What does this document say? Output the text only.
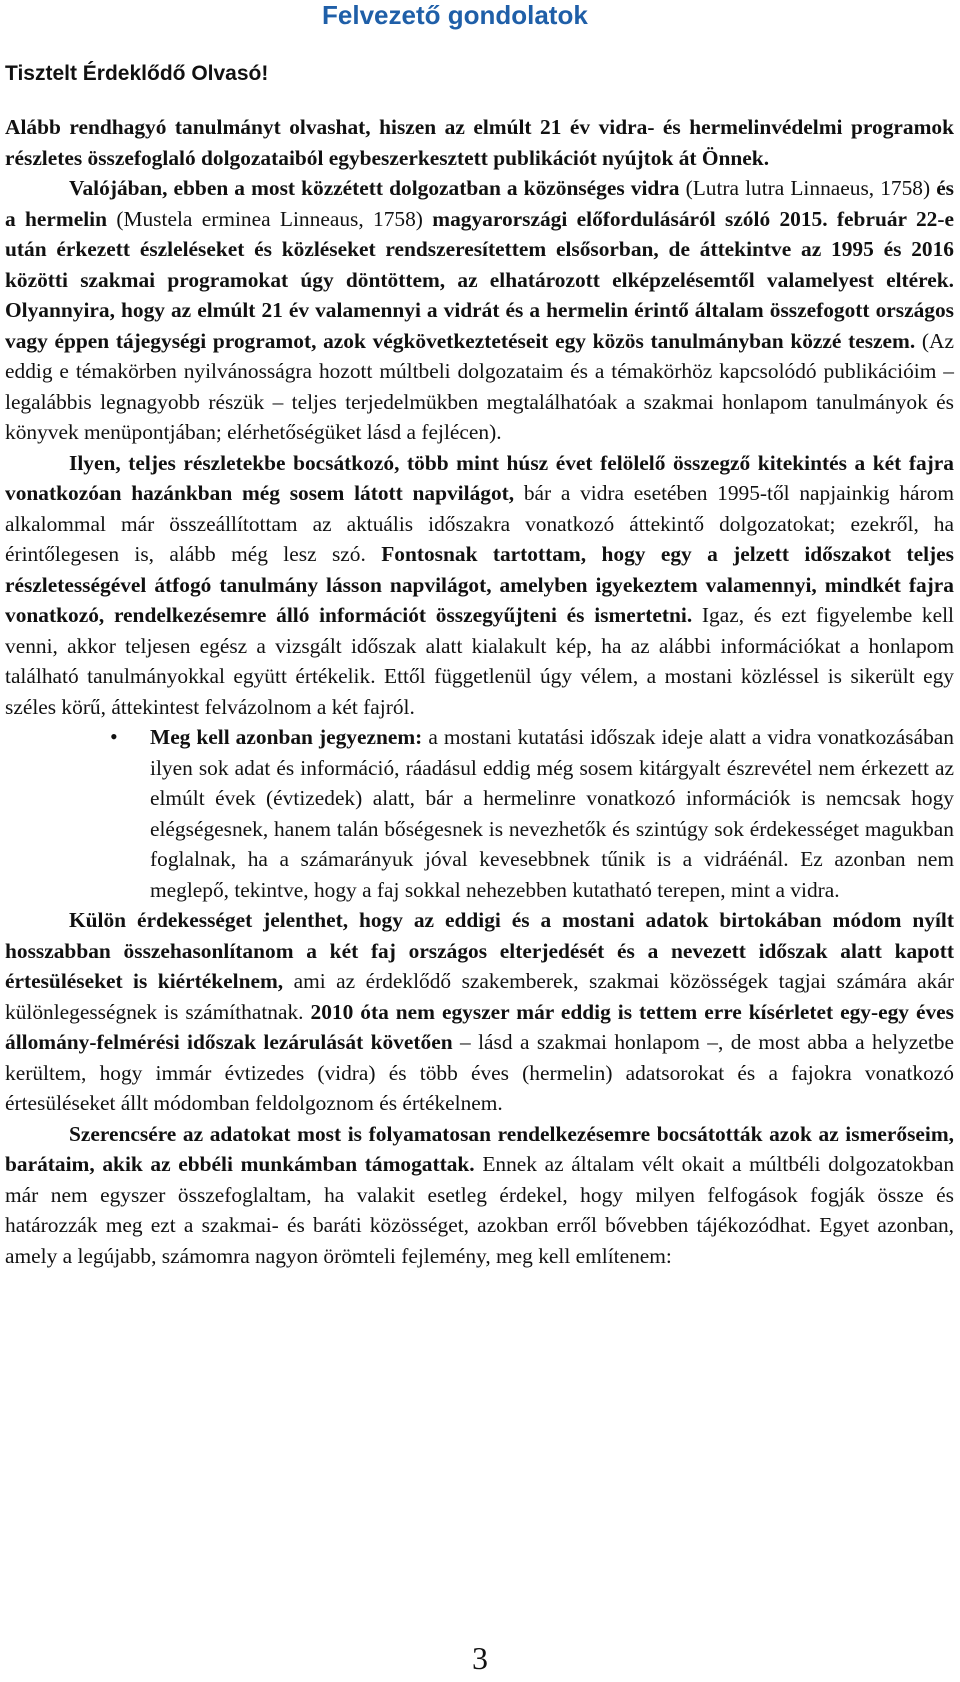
Felvezető gondolatok
Tisztelt Érdeklődő Olvasó!

Alább rendhagyó tanulmányt olvashat, hiszen az elmúlt 21 év vidra- és hermelinvédelmi programok részletes összefoglaló dolgozataiból egybeszerkesztett publikációt nyújtok át Önnek.
Valójában, ebben a most közzétett dolgozatban a közönséges vidra (Lutra lutra Linnaeus, 1758) és a hermelin (Mustela erminea Linneaus, 1758) magyarországi előfordulásáról szóló 2015. február 22-e után érkezett észleléseket és közléseket rendszeresítettem elsősorban, de áttekintve az 1995 és 2016 közötti szakmai programokat úgy döntöttem, az elhatározott elképzelésemtől valamelyest eltérek. Olyannyira, hogy az elmúlt 21 év valamennyi a vidrát és a hermelin érintő általam összefogott országos vagy éppen tájegységi programot, azok végkövetkeztetéseit egy közös tanulmányban közzé teszem. (Az eddig e témakörben nyilvánosságra hozott múltbeli dolgozataim és a témakörhöz kapcsolódó publikációim – legalábbis legnagyobb részük – teljes terjedelmükben megtalálhatóak a szakmai honlapom tanulmányok és könyvek menüpontjában; elérhetőségüket lásd a fejlécen).

Ilyen, teljes részletekbe bocsátkozó, több mint húsz évet felölelő összegző kitekintés a két fajra vonatkozóan hazánkban még sosem látott napvilágot, bár a vidra esetében 1995-től napjainkig három alkalommal már összeállítottam az aktuális időszakra vonatkozó áttekintő dolgozatokat; ezekről, ha érintőlegesen is, alább még lesz szó. Fontosnak tartottam, hogy egy a jelzett időszakot teljes részletességével átfogó tanulmány lásson napvilágot, amelyben igyekeztem valamennyi, mindkét fajra vonatkozó, rendelkezésemre álló információt összegyűjteni és ismertetni. Igaz, és ezt figyelembe kell venni, akkor teljesen egész a vizsgált időszak alatt kialakult kép, ha az alábbi információkat a honlapom található tanulmányokkal együtt értékelik. Ettől függetlenül úgy vélem, a mostani közléssel is sikerült egy széles körű, áttekintest felvázolnom a két fajról.

• Meg kell azonban jegyeznem: a mostani kutatási időszak ideje alatt a vidra vonatkozásában ilyen sok adat és információ, ráadásul eddig még sosem kitárgyalt észrevétel nem érkezett az elmúlt évek (évtizedek) alatt, bár a hermelinre vonatkozó információk is nemcsak hogy elégségesnek, hanem talán bőségesnek is nevezhetők és szintúgy sok érdekességet magukban foglalnak, ha a számarányuk jóval kevesebbnek tűnik is a vidráénál. Ez azonban nem meglepő, tekintve, hogy a faj sokkal nehezebben kutatható terepen, mint a vidra.

Külön érdekességet jelenthet, hogy az eddigi és a mostani adatok birtokában módom nyílt hosszabban összehasonlítanom a két faj országos elterjedését és a nevezett időszak alatt kapott értesüléseket is kiértékelnem, ami az érdeklődő szakemberek, szakmai közösségek tagjai számára akár különlegességnek is számíthatnak. 2010 óta nem egyszer már eddig is tettem erre kísérletet egy-egy éves állomány-felmérési időszak lezárulását követően – lásd a szakmai honlapom –, de most abba a helyzetbe kerültem, hogy immár évtizedes (vidra) és több éves (hermelin) adatsorokat és a fajokra vonatkozó értesüléseket állt módomban feldolgoznom és értékelnem.

Szerencsére az adatokat most is folyamatosan rendelkezésemre bocsátották azok az ismerőseim, barátaim, akik az ebbéli munkámban támogattak. Ennek az általam vélt okait a múltbéli dolgozatokban már nem egyszer összefoglaltam, ha valakit esetleg érdekel, hogy milyen felfogások fogják össze és határozzák meg ezt a szakmai- és baráti közösséget, azokban erről bővebben tájékozódhat. Egyet azonban, amely a legújabb, számomra nagyon örömteli fejlemény, meg kell említenem:

3
